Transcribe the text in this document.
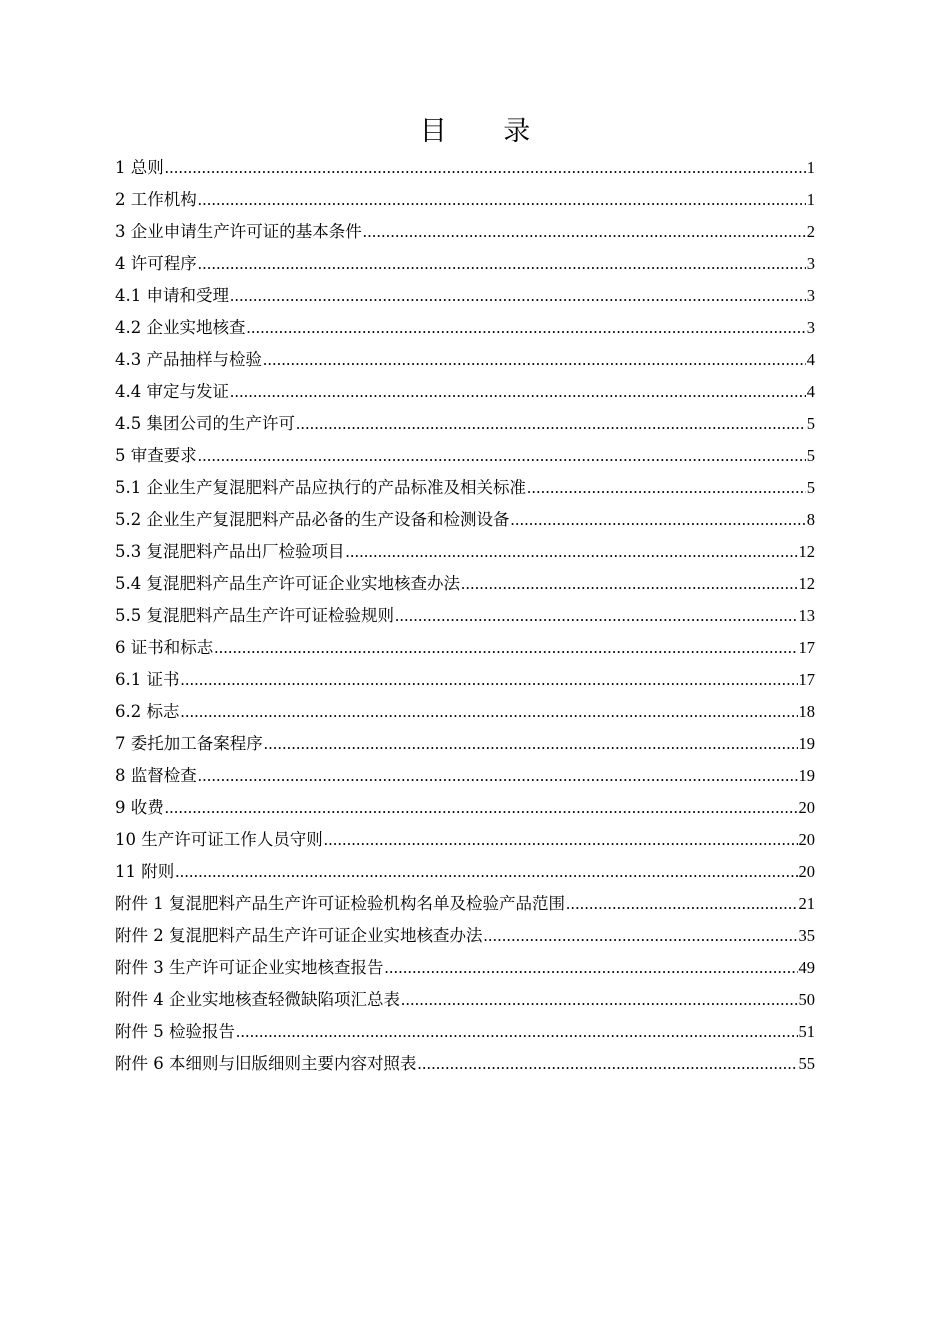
目 录
1 总则 .....	1
2 工作机构 .....	1
3 企业申请生产许可证的基本条件 .....	2
4 许可程序 .....	3
4.1 申请和受理 .....	3
4.2 企业实地核查 .....	3
4.3 产品抽样与检验 .....	4
4.4 审定与发证 .....	4
4.5 集团公司的生产许可 .....	5
5 审查要求 .....	5
5.1 企业生产复混肥料产品应执行的产品标准及相关标准 .....	5
5.2 企业生产复混肥料产品必备的生产设备和检测设备 .....	8
5.3 复混肥料产品出厂检验项目 .....	12
5.4 复混肥料产品生产许可证企业实地核查办法 .....	12
5.5 复混肥料产品生产许可证检验规则 .....	13
6 证书和标志 .....	17
6.1 证书 .....	17
6.2 标志 .....	18
7 委托加工备案程序 .....	19
8 监督检查 .....	19
9 收费 .....	20
10 生产许可证工作人员守则 .....	20
11 附则 .....	20
附件 1 复混肥料产品生产许可证检验机构名单及检验产品范围 .....	21
附件 2 复混肥料产品生产许可证企业实地核查办法 .....	35
附件 3 生产许可证企业实地核查报告 .....	49
附件 4 企业实地核查轻微缺陷项汇总表 .....	50
附件 5 检验报告 .....	51
附件 6 本细则与旧版细则主要内容对照表 .....	55
